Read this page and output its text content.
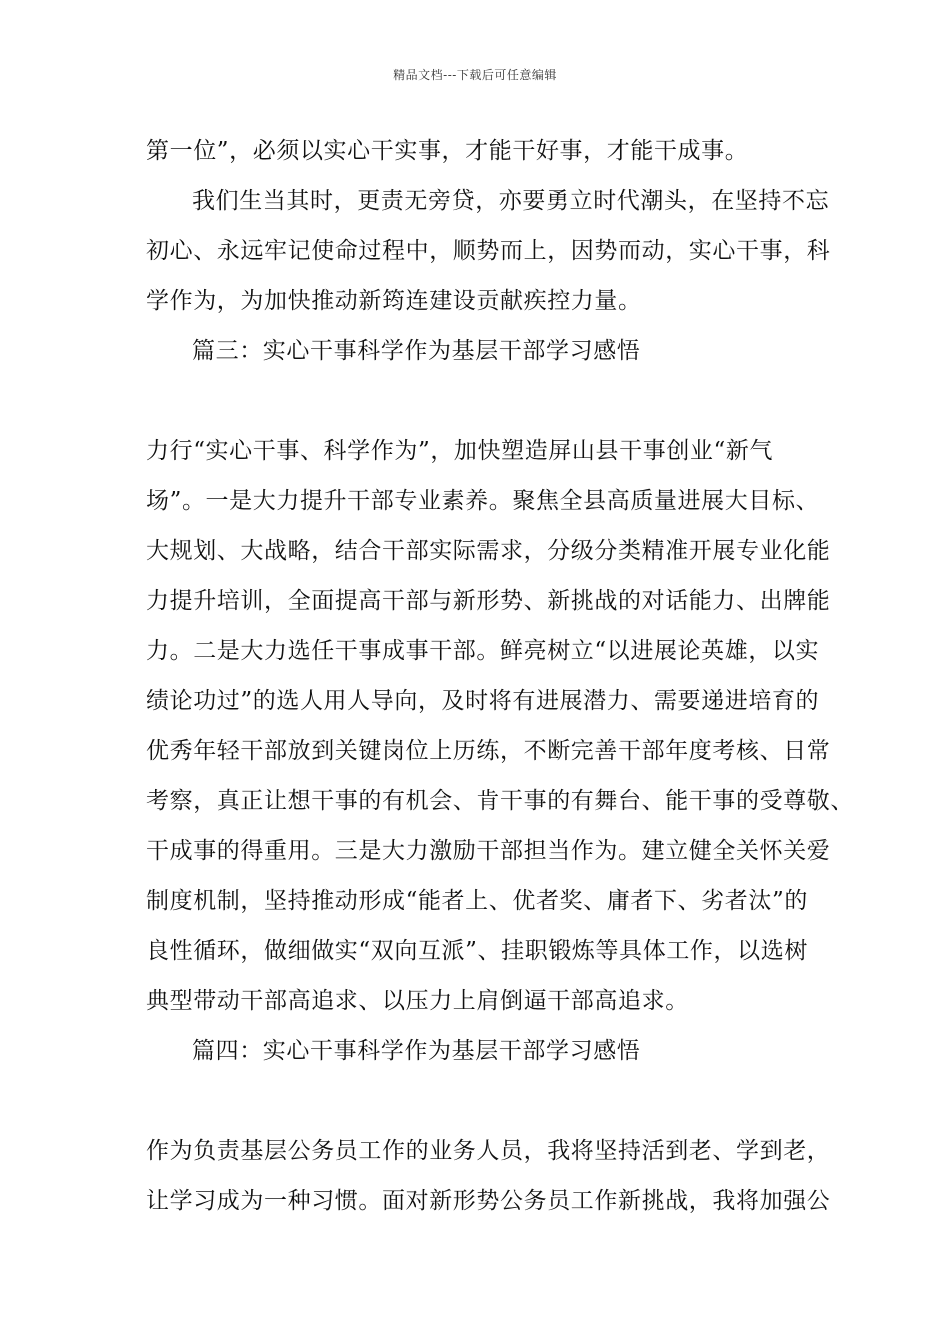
精品文档---下载后可任意编辑
第一位”，必须以实心干实事，才能干好事，才能干成事。
我们生当其时，更责无旁贷，亦要勇立时代潮头，在坚持不忘
初心、永远牢记使命过程中，顺势而上，因势而动，实心干事，科
学作为，为加快推动新筠连建设贡献疾控力量。
篇三：实心干事科学作为基层干部学习感悟
力行“实心干事、科学作为”，加快塑造屏山县干事创业“新气
场”。一是大力提升干部专业素养。聚焦全县高质量进展大目标、
大规划、大战略，结合干部实际需求，分级分类精准开展专业化能
力提升培训，全面提高干部与新形势、新挑战的对话能力、出牌能
力。二是大力选任干事成事干部。鲜亮树立“以进展论英雄，以实
绩论功过”的选人用人导向，及时将有进展潜力、需要递进培育的
优秀年轻干部放到关键岗位上历练，不断完善干部年度考核、日常
考察，真正让想干事的有机会、肯干事的有舞台、能干事的受尊敬、
干成事的得重用。三是大力激励干部担当作为。建立健全关怀关爱
制度机制，坚持推动形成“能者上、优者奖、庸者下、劣者汰”的
良性循环，做细做实“双向互派”、挂职锻炼等具体工作，以选树
典型带动干部高追求、以压力上肩倒逼干部高追求。
篇四：实心干事科学作为基层干部学习感悟
作为负责基层公务员工作的业务人员，我将坚持活到老、学到老，
让学习成为一种习惯。面对新形势公务员工作新挑战，我将加强公
